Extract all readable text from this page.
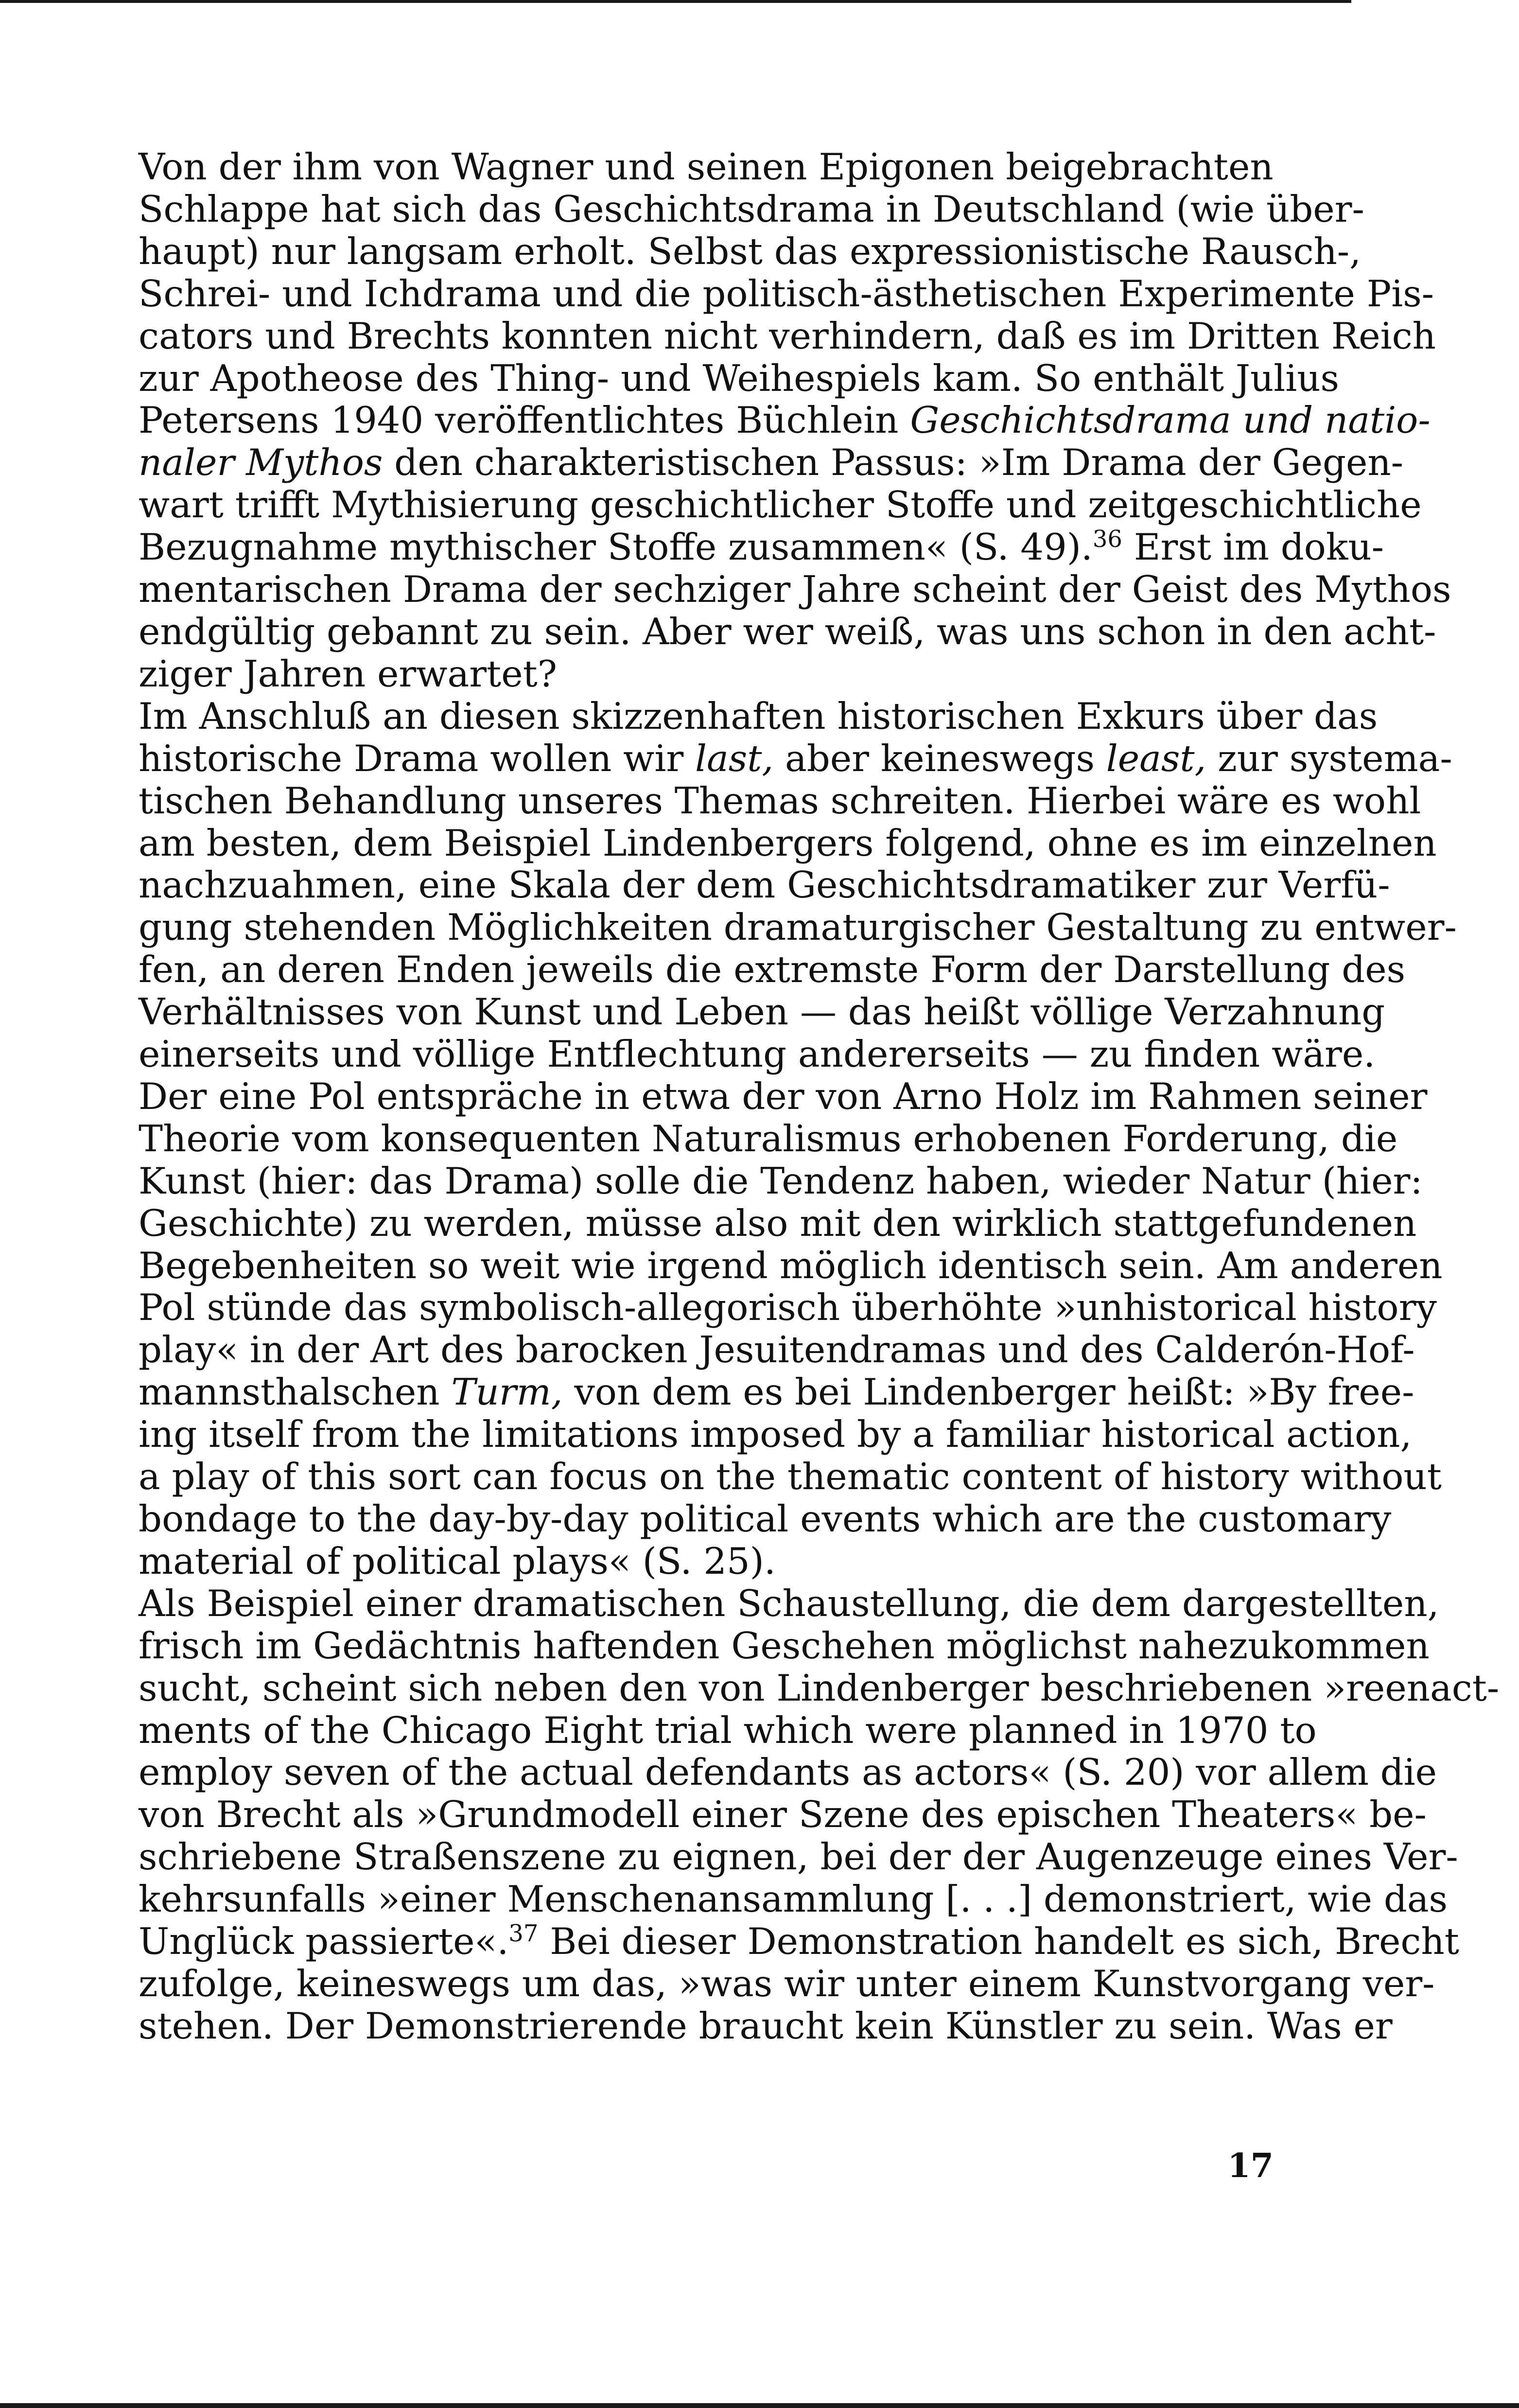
Von der ihm von Wagner und seinen Epigonen beigebrachten
Schlappe hat sich das Geschichtsdrama in Deutschland (wie über-
haupt) nur langsam erholt. Selbst das expressionistische Rausch-,
Schrei- und Ichdrama und die politisch-ästhetischen Experimente Pis-
cators und Brechts konnten nicht verhindern, daß es im Dritten Reich
zur Apotheose des Thing- und Weihespiels kam. So enthält Julius
Petersens 1940 veröffentlichtes Büchlein Geschichtsdrama und natio-
naler Mythos den charakteristischen Passus: »Im Drama der Gegen-
wart trifft Mythisierung geschichtlicher Stoffe und zeitgeschichtliche
Bezugnahme mythischer Stoffe zusammen« (S. 49).$^{36}$ Erst im doku-
mentarischen Drama der sechziger Jahre scheint der Geist des Mythos
endgültig gebannt zu sein. Aber wer weiß, was uns schon in den acht-
ziger Jahren erwartet?
Im Anschluß an diesen skizzenhaften historischen Exkurs über das
historische Drama wollen wir last, aber keineswegs least, zur systema-
tischen Behandlung unseres Themas schreiten. Hierbei wäre es wohl
am besten, dem Beispiel Lindenbergers folgend, ohne es im einzelnen
nachzuahmen, eine Skala der dem Geschichtsdramatiker zur Verfü-
gung stehenden Möglichkeiten dramaturgischer Gestaltung zu entwer-
fen, an deren Enden jeweils die extremste Form der Darstellung des
Verhältnisses von Kunst und Leben — das heißt völlige Verzahnung
einerseits und völlige Entflechtung andererseits — zu finden wäre.
Der eine Pol entspräche in etwa der von Arno Holz im Rahmen seiner
Theorie vom konsequenten Naturalismus erhobenen Forderung, die
Kunst (hier: das Drama) solle die Tendenz haben, wieder Natur (hier:
Geschichte) zu werden, müsse also mit den wirklich stattgefundenen
Begebenheiten so weit wie irgend möglich identisch sein. Am anderen
Pol stünde das symbolisch-allegorisch überhöhte »unhistorical history
play« in der Art des barocken Jesuitendramas und des Calderón-Hof-
mannsthalschen Turm, von dem es bei Lindenberger heißt: »By free-
ing itself from the limitations imposed by a familiar historical action,
a play of this sort can focus on the thematic content of history without
bondage to the day-by-day political events which are the customary
material of political plays« (S. 25).
Als Beispiel einer dramatischen Schaustellung, die dem dargestellten,
frisch im Gedächtnis haftenden Geschehen möglichst nahezukommen
sucht, scheint sich neben den von Lindenberger beschriebenen »reenact-
ments of the Chicago Eight trial which were planned in 1970 to
employ seven of the actual defendants as actors« (S. 20) vor allem die
von Brecht als »Grundmodell einer Szene des epischen Theaters« be-
schriebene Straßenszene zu eignen, bei der der Augenzeuge eines Ver-
kehrsunfalls »einer Menschenansammlung [. . .] demonstriert, wie das
Unglück passierte«.$^{37}$ Bei dieser Demonstration handelt es sich, Brecht
zufolge, keineswegs um das, »was wir unter einem Kunstvorgang ver-
stehen. Der Demonstrierende braucht kein Künstler zu sein. Was er
17
